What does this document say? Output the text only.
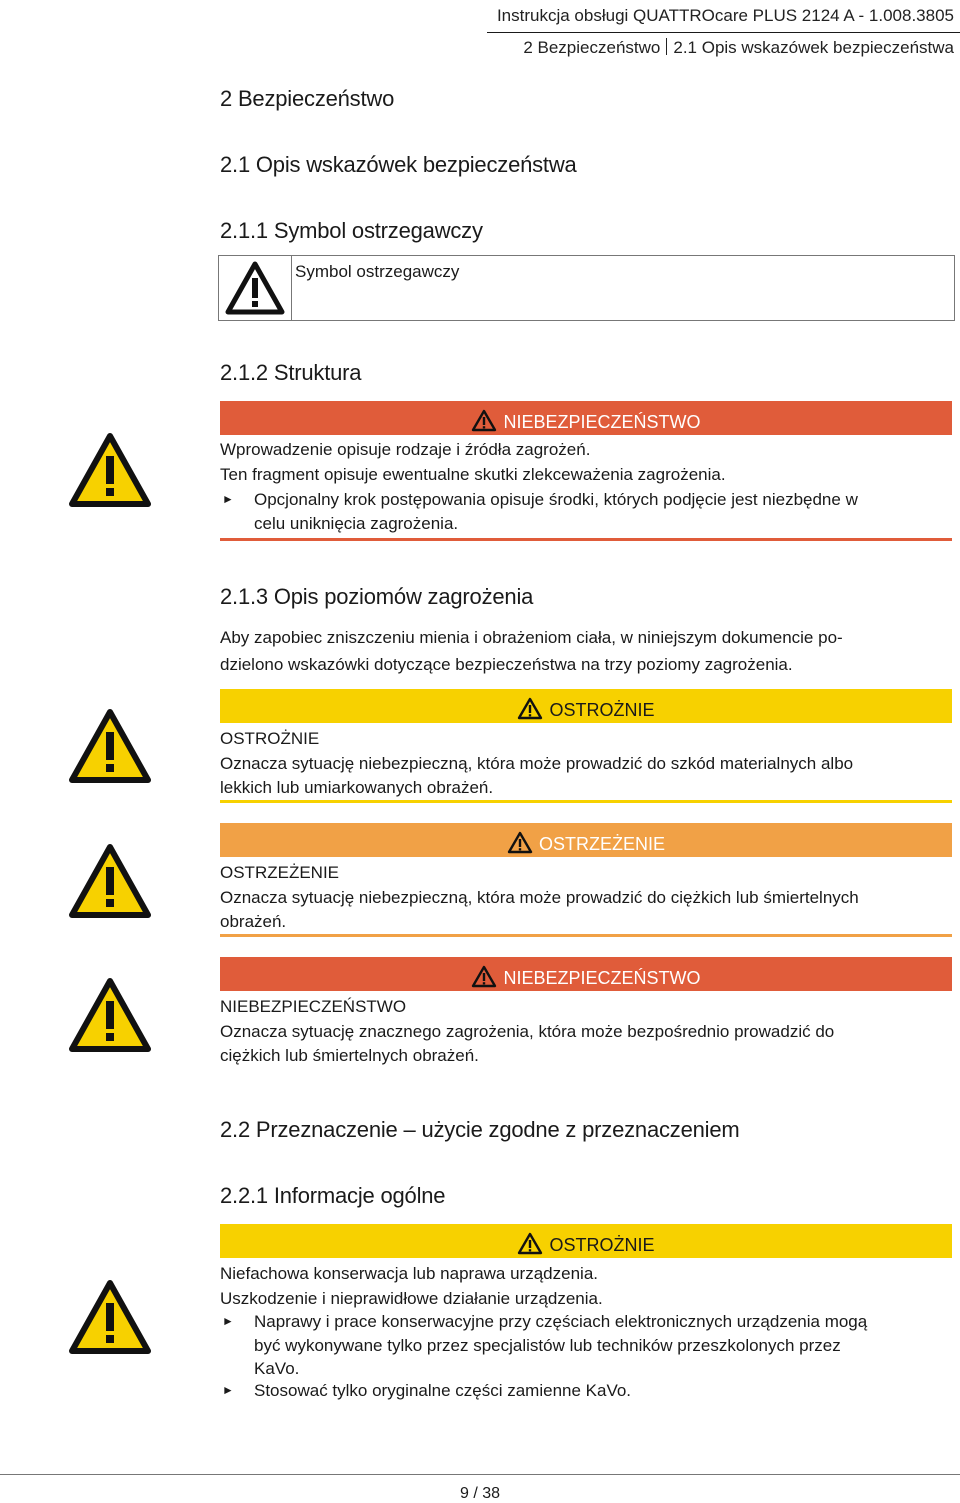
Instrukcja obsługi QUATTROcare PLUS 2124 A - 1.008.3805
2 Bezpieczeństwo 2.1 Opis wskazówek bezpieczeństwa
2 Bezpieczeństwo
2.1 Opis wskazówek bezpieczeństwa
2.1.1 Symbol ostrzegawczy
Symbol ostrzegawczy
2.1.2 Struktura
NIEBEZPIECZEŃSTWO
Wprowadzenie opisuje rodzaje i źródła zagrożeń.
Ten fragment opisuje ewentualne skutki zlekceważenia zagrożenia.
► Opcjonalny krok postępowania opisuje środki, których podjęcie jest niezbędne w
celu uniknięcia zagrożenia.
2.1.3 Opis poziomów zagrożenia
Aby zapobiec zniszczeniu mienia i obrażeniom ciała, w niniejszym dokumencie po-
dzielono wskazówki dotyczące bezpieczeństwa na trzy poziomy zagrożenia.
OSTROŻNIE
OSTROŻNIE
Oznacza sytuację niebezpieczną, która może prowadzić do szkód materialnych albo
lekkich lub umiarkowanych obrażeń.
OSTRZEŻENIE
OSTRZEŻENIE
Oznacza sytuację niebezpieczną, która może prowadzić do ciężkich lub śmiertelnych
obrażeń.
NIEBEZPIECZEŃSTWO
NIEBEZPIECZEŃSTWO
Oznacza sytuację znacznego zagrożenia, która może bezpośrednio prowadzić do
ciężkich lub śmiertelnych obrażeń.
2.2 Przeznaczenie – użycie zgodne z przeznaczeniem
2.2.1 Informacje ogólne
OSTROŻNIE
Niefachowa konserwacja lub naprawa urządzenia.
Uszkodzenie i nieprawidłowe działanie urządzenia.
► Naprawy i prace konserwacyjne przy częściach elektronicznych urządzenia mogą
być wykonywane tylko przez specjalistów lub techników przeszkolonych przez
KaVo.
► Stosować tylko oryginalne części zamienne KaVo.
9 / 38
